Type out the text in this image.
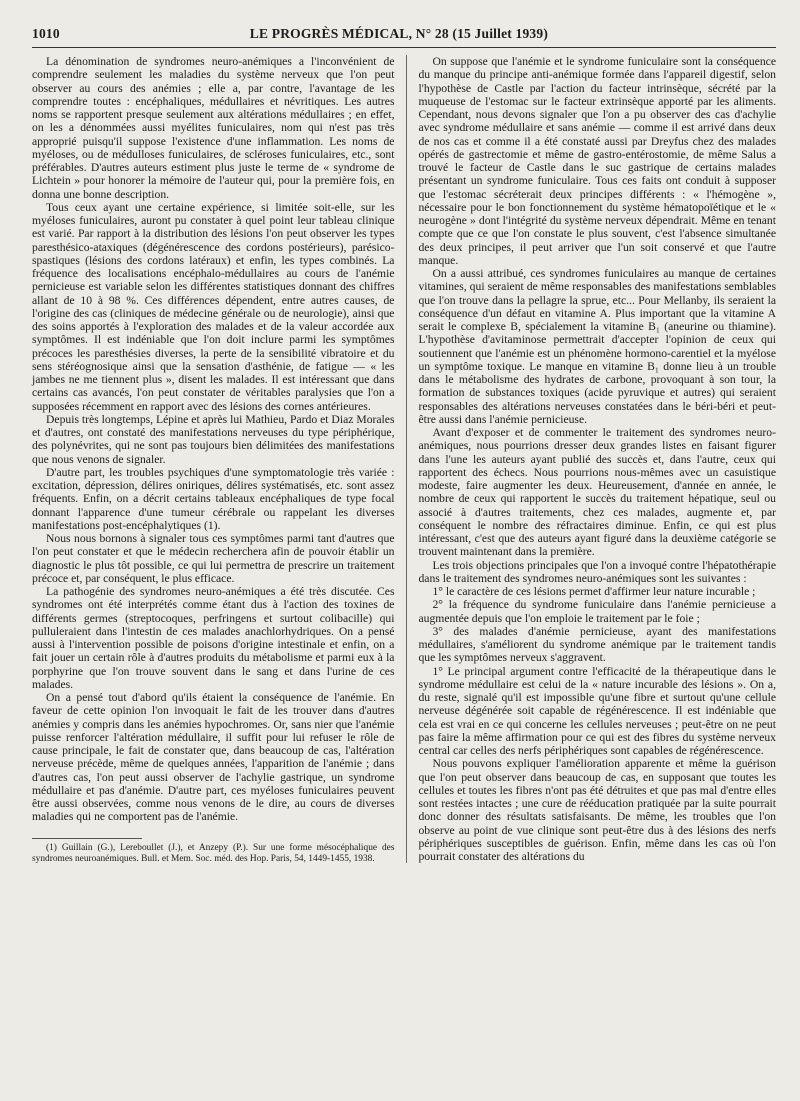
1010	LE PROGRÈS MÉDICAL, N° 28 (15 Juillet 1939)

La dénomination de syndromes neuro-anémiques a l'inconvénient de comprendre seulement les maladies du système nerveux que l'on peut observer au cours des anémies ; elle a, par contre, l'avantage de les comprendre toutes : encéphaliques, médullaires et névritiques. Les autres noms se rapportent presque seulement aux altérations médullaires ; en effet, on les a dénommées aussi myélites funiculaires, nom qui n'est pas très approprié puisqu'il suppose l'existence d'une inflammation. Les noms de myéloses, ou de médulloses funiculaires, de scléroses funiculaires, etc., sont préférables. D'autres auteurs estiment plus juste le terme de « syndrome de Lichtein » pour honorer la mémoire de l'auteur qui, pour la première fois, en donna une bonne description.

Tous ceux ayant une certaine expérience, si limitée soit-elle, sur les myéloses funiculaires, auront pu constater à quel point leur tableau clinique est varié. Par rapport à la distribution des lésions l'on peut observer les types paresthésico-ataxiques (dégénérescence des cordons postérieurs), parésico-spastiques (lésions des cordons latéraux) et enfin, les types combinés. La fréquence des localisations encéphalo-médullaires au cours de l'anémie pernicieuse est variable selon les différentes statistiques donnant des chiffres allant de 10 à 98 %. Ces différences dépendent, entre autres causes, de l'origine des cas (cliniques de médecine générale ou de neurologie), ainsi que des soins apportés à l'exploration des malades et de la valeur accordée aux symptômes. Il est indéniable que l'on doit inclure parmi les symptômes précoces les paresthésies diverses, la perte de la sensibilité vibratoire et du sens stéréognosique ainsi que la sensation d'asthénie, de fatigue — « les jambes ne me tiennent plus », disent les malades. Il est intéressant que dans certains cas avancés, l'on peut constater de véritables paralysies que l'on a supposées récemment en rapport avec des lésions des cornes antérieures.

Depuis très longtemps, Lépine et après lui Mathieu, Pardo et Diaz Morales et d'autres, ont constaté des manifestations nerveuses du type périphérique, des polynévrites, qui ne sont pas toujours bien délimitées des manifestations que nous venons de signaler.

D'autre part, les troubles psychiques d'une symptomatologie très variée : excitation, dépression, délires oniriques, délires systématisés, etc. sont assez fréquents. Enfin, on a décrit certains tableaux encéphaliques de type focal donnant l'apparence d'une tumeur cérébrale ou rappelant les diverses manifestations post-encéphalytiques (1).

Nous nous bornons à signaler tous ces symptômes parmi tant d'autres que l'on peut constater et que le médecin recherchera afin de pouvoir établir un diagnostic le plus tôt possible, ce qui lui permettra de prescrire un traitement précoce et, par conséquent, le plus efficace.

La pathogénie des syndromes neuro-anémiques a été très discutée. Ces syndromes ont été interprétés comme étant dus à l'action des toxines de différents germes (streptocoques, perfringens et surtout colibacille) qui pulluleraient dans l'intestin de ces malades anachlorhydriques. On a pensé aussi à l'intervention possible de poisons d'origine intestinale et enfin, on a fait jouer un certain rôle à d'autres produits du métabolisme et parmi eux à la porphyrine que l'on trouve souvent dans le sang et dans l'urine de ces malades.

On a pensé tout d'abord qu'ils étaient la conséquence de l'anémie. En faveur de cette opinion l'on invoquait le fait de les trouver dans d'autres anémies y compris dans les anémies hypochromes. Or, sans nier que l'anémie puisse renforcer l'altération médullaire, il suffit pour lui refuser le rôle de cause principale, le fait de constater que, dans beaucoup de cas, l'altération nerveuse précède, même de quelques années, l'apparition de l'anémie ; dans d'autres cas, l'on peut aussi observer de l'achylie gastrique, un syndrome médullaire et pas d'anémie. D'autre part, ces myéloses funiculaires peuvent être aussi observées, comme nous venons de le dire, au cours de diverses maladies qui ne comportent pas de l'anémie.

(1) Guillain (G.), Lereboullet (J.), et Anzepy (P.). Sur une forme mésocéphalique des syndromes neuroanémiques. Bull. et Mem. Soc. méd. des Hop. Paris, 54, 1449-1455, 1938.

On suppose que l'anémie et le syndrome funiculaire sont la conséquence du manque du principe anti-anémique formée dans l'appareil digestif, selon l'hypothèse de Castle par l'action du facteur intrinsèque, sécrété par la muqueuse de l'estomac sur le facteur extrinsèque apporté par les aliments. Cependant, nous devons signaler que l'on a pu observer des cas d'achylie avec syndrome médullaire et sans anémie — comme il est arrivé dans deux de nos cas et comme il a été constaté aussi par Dreyfus chez des malades opérés de gastrectomie et même de gastro-entérostomie, de même Salus a trouvé le facteur de Castle dans le suc gastrique de certains malades présentant un syndrome funiculaire. Tous ces faits ont conduit à supposer que l'estomac sécréterait deux principes différents : « l'hémogène », nécessaire pour le bon fonctionnement du système hématopoïétique et le « neurogène » dont l'intégrité du système nerveux dépendrait. Même en tenant compte que ce que l'on constate le plus souvent, c'est l'absence simultanée des deux principes, il peut arriver que l'un soit conservé et que l'autre manque.

On a aussi attribué, ces syndromes funiculaires au manque de certaines vitamines, qui seraient de même responsables des manifestations semblables que l'on trouve dans la pellagre la sprue, etc... Pour Mellanby, ils seraient la conséquence d'un défaut en vitamine A. Plus important que la vitamine A serait le complexe B, spécialement la vitamine B₁ (aneurine ou thiamine). L'hypothèse d'avitaminose permettrait d'accepter l'opinion de ceux qui soutiennent que l'anémie est un phénomène hormono-carentiel et la myélose un symptôme toxique. Le manque en vitamine B₁ donne lieu à un trouble dans le métabolisme des hydrates de carbone, provoquant à son tour, la formation de substances toxiques (acide pyruvique et autres) qui seraient responsables des altérations nerveuses constatées dans le béri-béri et peut-être aussi dans l'anémie pernicieuse.

Avant d'exposer et de commenter le traitement des syndromes neuro-anémiques, nous pourrions dresser deux grandes listes en faisant figurer dans l'une les auteurs ayant publié des succès et, dans l'autre, ceux qui rapportent des échecs. Nous pourrions nous-mêmes avec un casuistique modeste, faire augmenter les deux. Heureusement, d'année en année, le nombre de ceux qui rapportent le succès du traitement hépatique, seul ou associé à d'autres traitements, chez ces malades, augmente et, par conséquent le nombre des réfractaires diminue. Enfin, ce qui est plus intéressant, c'est que des auteurs ayant figuré dans la deuxième catégorie se trouvent maintenant dans la première.

Les trois objections principales que l'on a invoqué contre l'hépatothérapie dans le traitement des syndromes neuro-anémiques sont les suivantes :

1° le caractère de ces lésions permet d'affirmer leur nature incurable ;

2° la fréquence du syndrome funiculaire dans l'anémie pernicieuse a augmentée depuis que l'on emploie le traitement par le foie ;

3° des malades d'anémie pernicieuse, ayant des manifestations médullaires, s'améliorent du syndrome anémique par le traitement tandis que les symptômes nerveux s'aggravent.

1° Le principal argument contre l'efficacité de la thérapeutique dans le syndrome médullaire est celui de la « nature incurable des lésions ». On a, du reste, signalé qu'il est impossible qu'une fibre et surtout qu'une cellule nerveuse dégénérée soit capable de régénérescence. Il est indéniable que cela est vrai en ce qui concerne les cellules nerveuses ; peut-être on ne peut pas faire la même affirmation pour ce qui est des fibres du système nerveux central car celles des nerfs périphériques sont capables de régénérescence.

Nous pouvons expliquer l'amélioration apparente et même la guérison que l'on peut observer dans beaucoup de cas, en supposant que toutes les cellules et toutes les fibres n'ont pas été détruites et que pas mal d'entre elles sont restées intactes ; une cure de rééducation pratiquée par la suite pourrait donc donner des résultats satisfaisants. De même, les troubles que l'on observe au point de vue clinique sont peut-être dus à des lésions des nerfs périphériques susceptibles de guérison. Enfin, même dans les cas où l'on pourrait constater des altérations du
